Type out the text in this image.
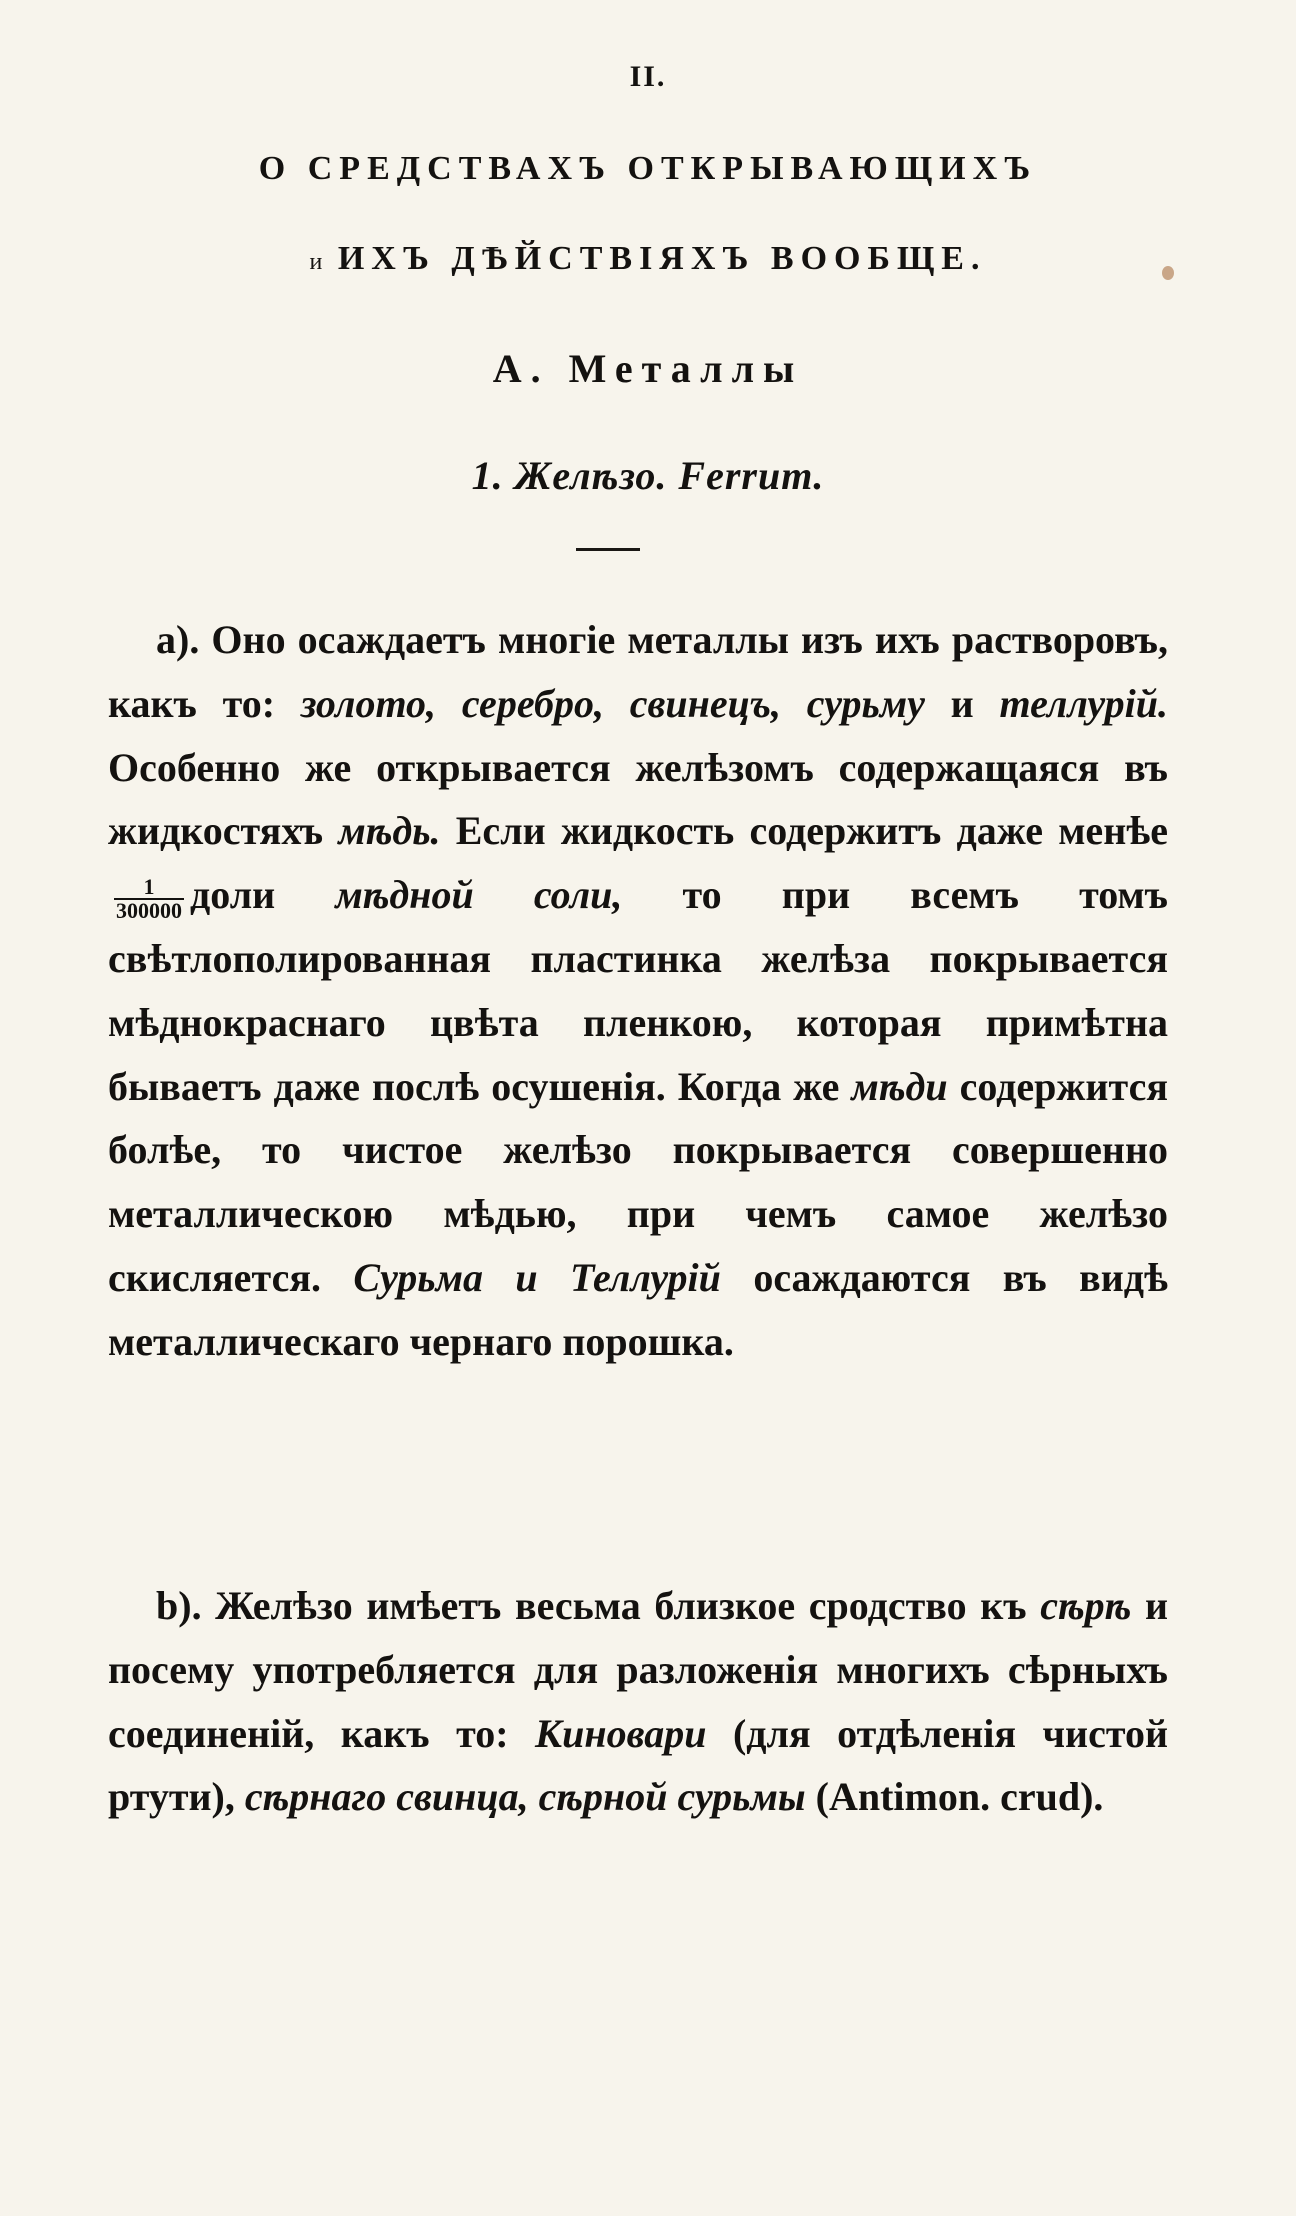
II.
О СРЕДСТВАХЪ ОТКРЫВАЮЩИХЪ
и ИХЪ ДѢЙСТВІЯХЪ ВООБЩЕ.
А. Металлы
1. Желѣзо. Ferrum.
а). Оно осаждаетъ многіе металлы изъ ихъ растворовъ, какъ то: золото, серебро, свинецъ, сурьму и теллурій. Особенно же открывается желѣзомъ содержащаяся въ жидкостяхъ мѣдь. Если жидкость содержитъ даже менѣе
$\frac{1}{300000}$ доли мѣдной соли, то при всемъ томъ свѣтлополированная пластинка желѣза покрывается мѣднокраснаго цвѣта пленкою, которая примѣтна бываетъ даже послѣ осушенія. Когда же мѣди содержится болѣе, то чистое желѣзо покрывается совершенно металлическою мѣдью, при чемъ самое желѣзо скисляется. Сурьма и Теллурій осаждаются въ видѣ металлическаго чернаго порошка.
b). Желѣзо имѣетъ весьма близкое сродство къ сѣрѣ и посему употребляется для разложенія многихъ сѣрныхъ соединеній, какъ то: Киновари (для отдѣленія чистой ртути), сѣрнаго свинца, сѣрной сурьмы (Antimon. crud).
